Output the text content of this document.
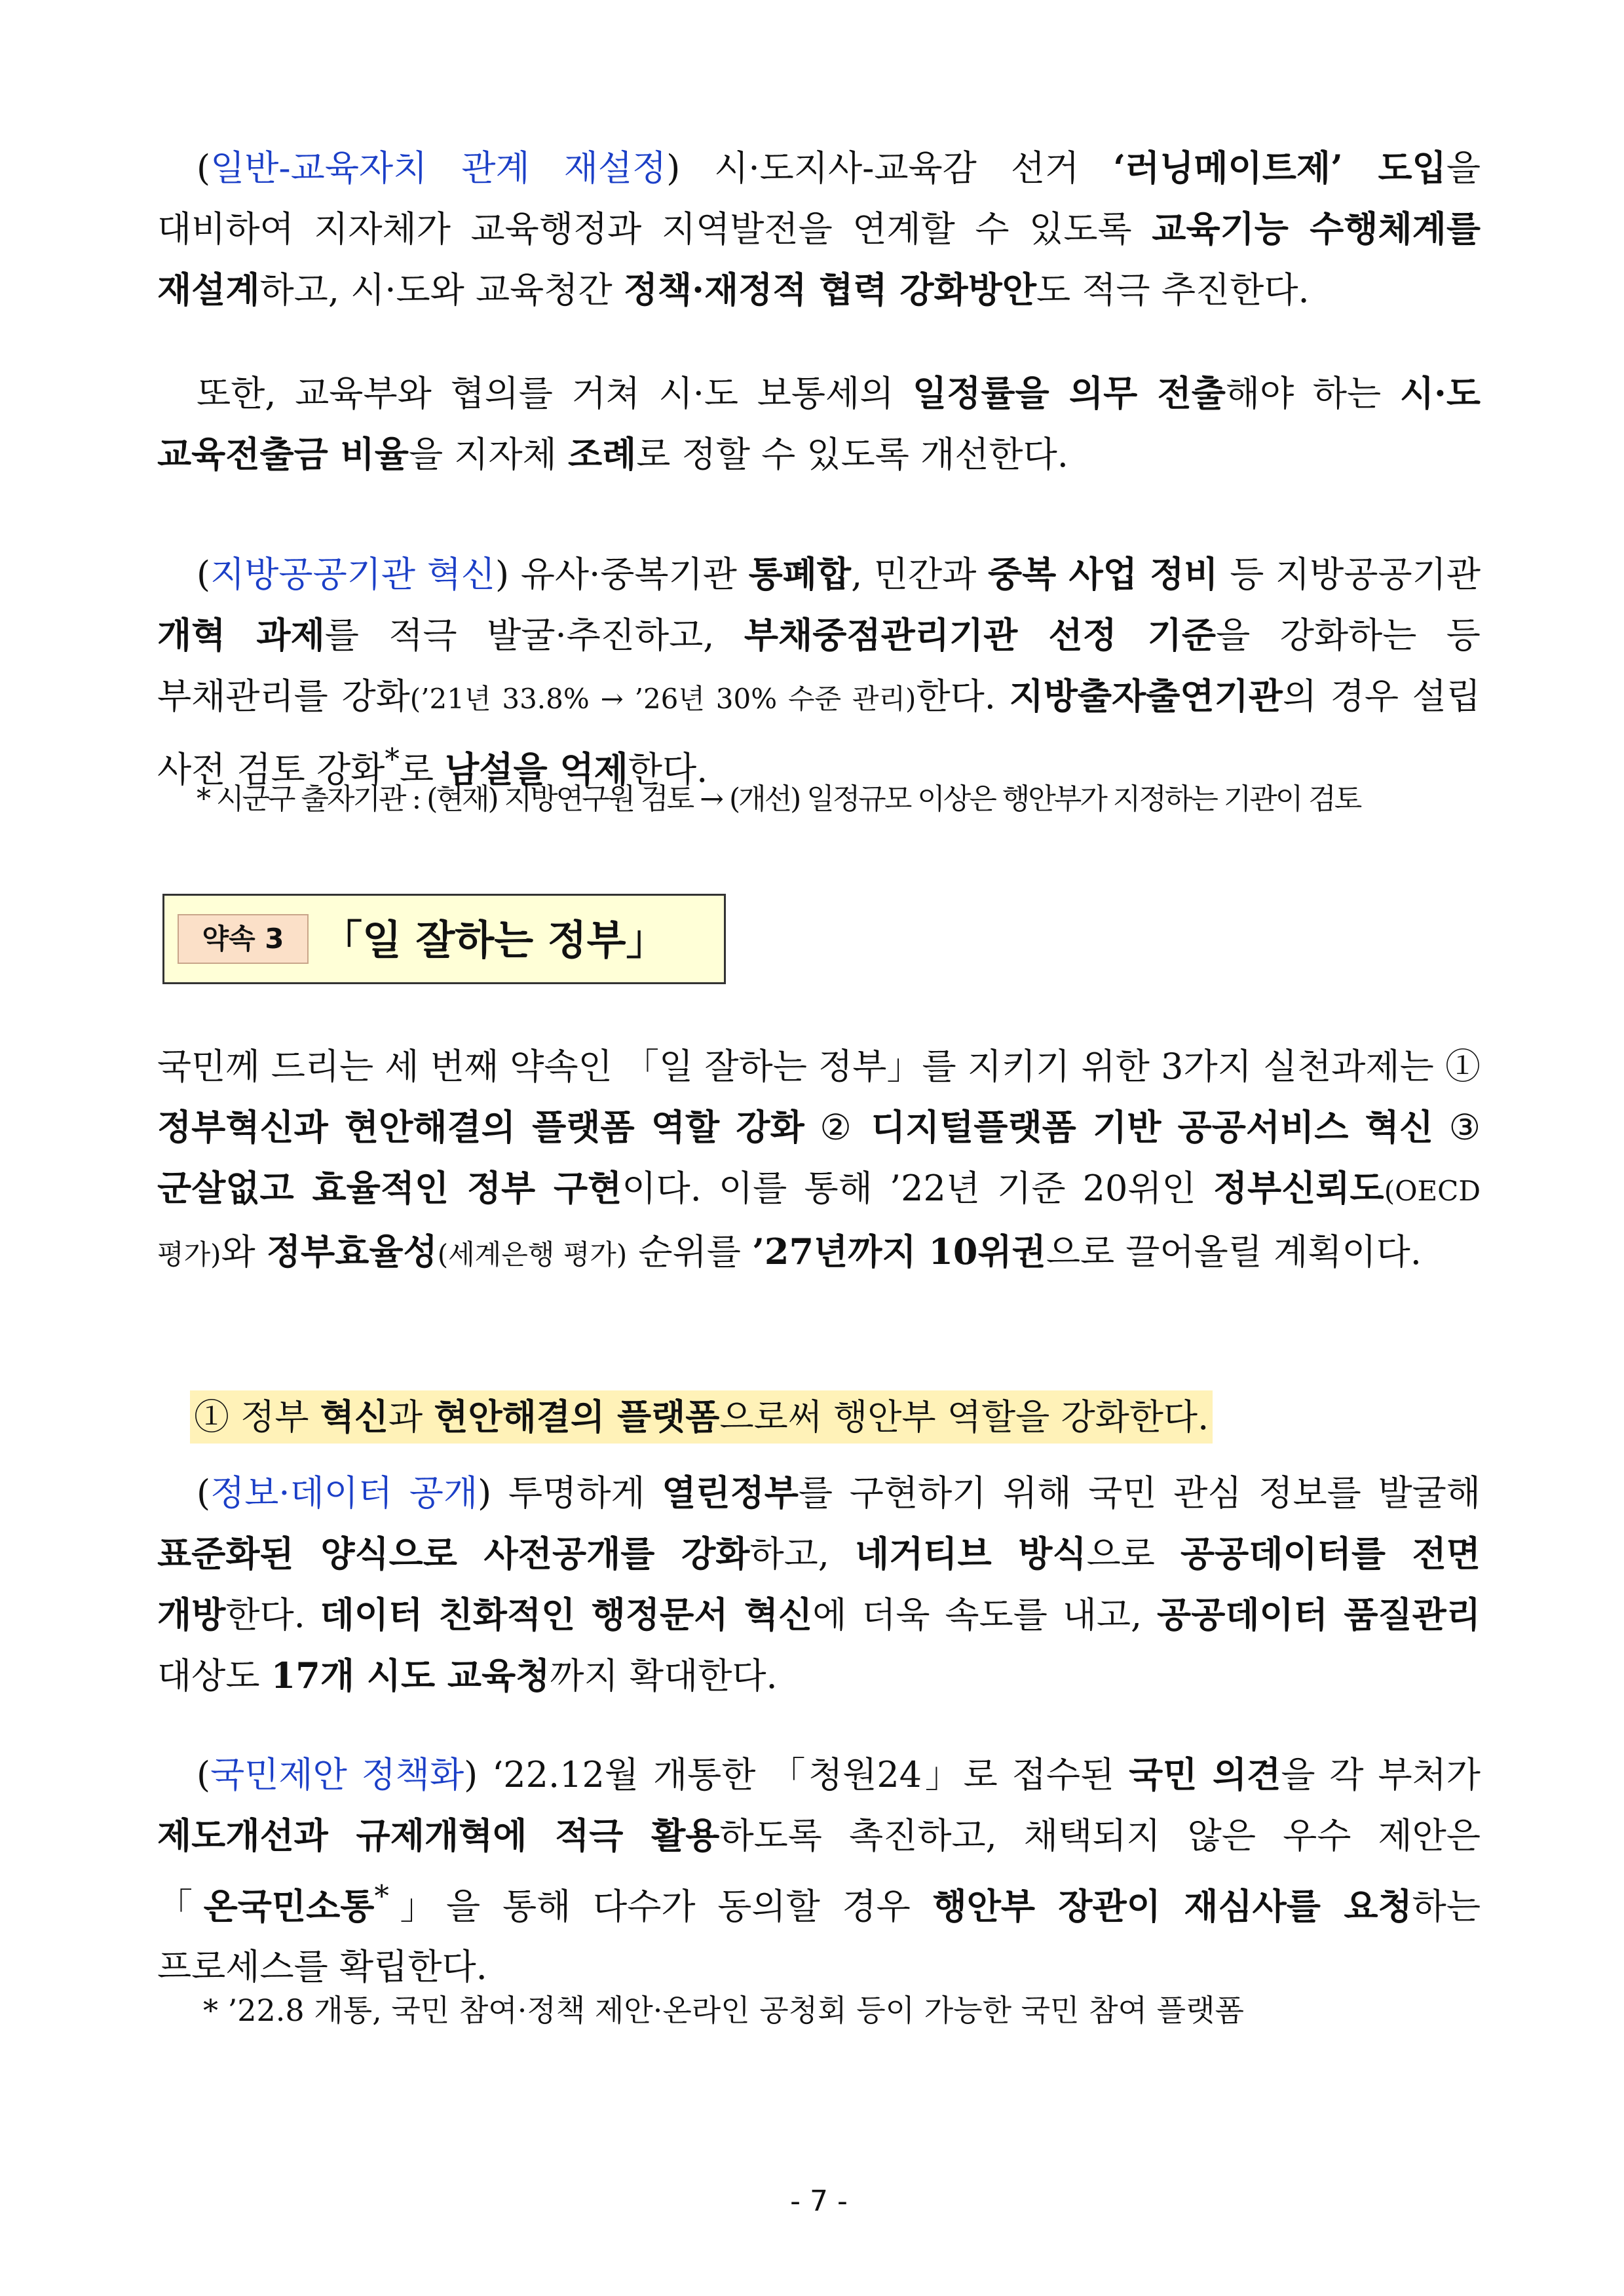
(일반-교육자치 관계 재설정) 시·도지사-교육감 선거 ‘러닝메이트제’ 도입을 대비하여 지자체가 교육행정과 지역발전을 연계할 수 있도록 교육기능 수행체계를 재설계하고, 시·도와 교육청간 정책·재정적 협력 강화방안도 적극 추진한다.

또한, 교육부와 협의를 거쳐 시·도 보통세의 일정률을 의무 전출해야 하는 시·도 교육전출금 비율을 지자체 조례로 정할 수 있도록 개선한다.

(지방공공기관 혁신) 유사·중복기관 통폐합, 민간과 중복 사업 정비 등 지방공공기관 개혁 과제를 적극 발굴·추진하고, 부채중점관리기관 선정 기준을 강화하는 등 부채관리를 강화(’21년 33.8% → ’26년 30% 수준 관리)한다. 지방출자출연기관의 경우 설립 사전 검토 강화*로 남설을 억제한다.

* 시군구 출자기관 : (현재) 지방연구원 검토 → (개선) 일정규모 이상은 행안부가 지정하는 기관이 검토

약속 3 「일 잘하는 정부」

국민께 드리는 세 번째 약속인 「일 잘하는 정부」를 지키기 위한 3가지 실천과제는 ① 정부혁신과 현안해결의 플랫폼 역할 강화 ② 디지털플랫폼 기반 공공서비스 혁신 ③ 군살없고 효율적인 정부 구현이다. 이를 통해 ’22년 기준 20위인 정부신뢰도(OECD 평가)와 정부효율성(세계은행 평가) 순위를 ’27년까지 10위권으로 끌어올릴 계획이다.

① 정부 혁신과 현안해결의 플랫폼으로써 행안부 역할을 강화한다.

(정보·데이터 공개) 투명하게 열린정부를 구현하기 위해 국민 관심 정보를 발굴해 표준화된 양식으로 사전공개를 강화하고, 네거티브 방식으로 공공데이터를 전면 개방한다. 데이터 친화적인 행정문서 혁신에 더욱 속도를 내고, 공공데이터 품질관리 대상도 17개 시도 교육청까지 확대한다.

(국민제안 정책화) ‘22.12월 개통한 「청원24」로 접수된 국민 의견을 각 부처가 제도개선과 규제개혁에 적극 활용하도록 촉진하고, 채택되지 않은 우수 제안은 「온국민소통*」을 통해 다수가 동의할 경우 행안부 장관이 재심사를 요청하는 프로세스를 확립한다.

* ’22.8 개통, 국민 참여·정책 제안·온라인 공청회 등이 가능한 국민 참여 플랫폼

- 7 -
